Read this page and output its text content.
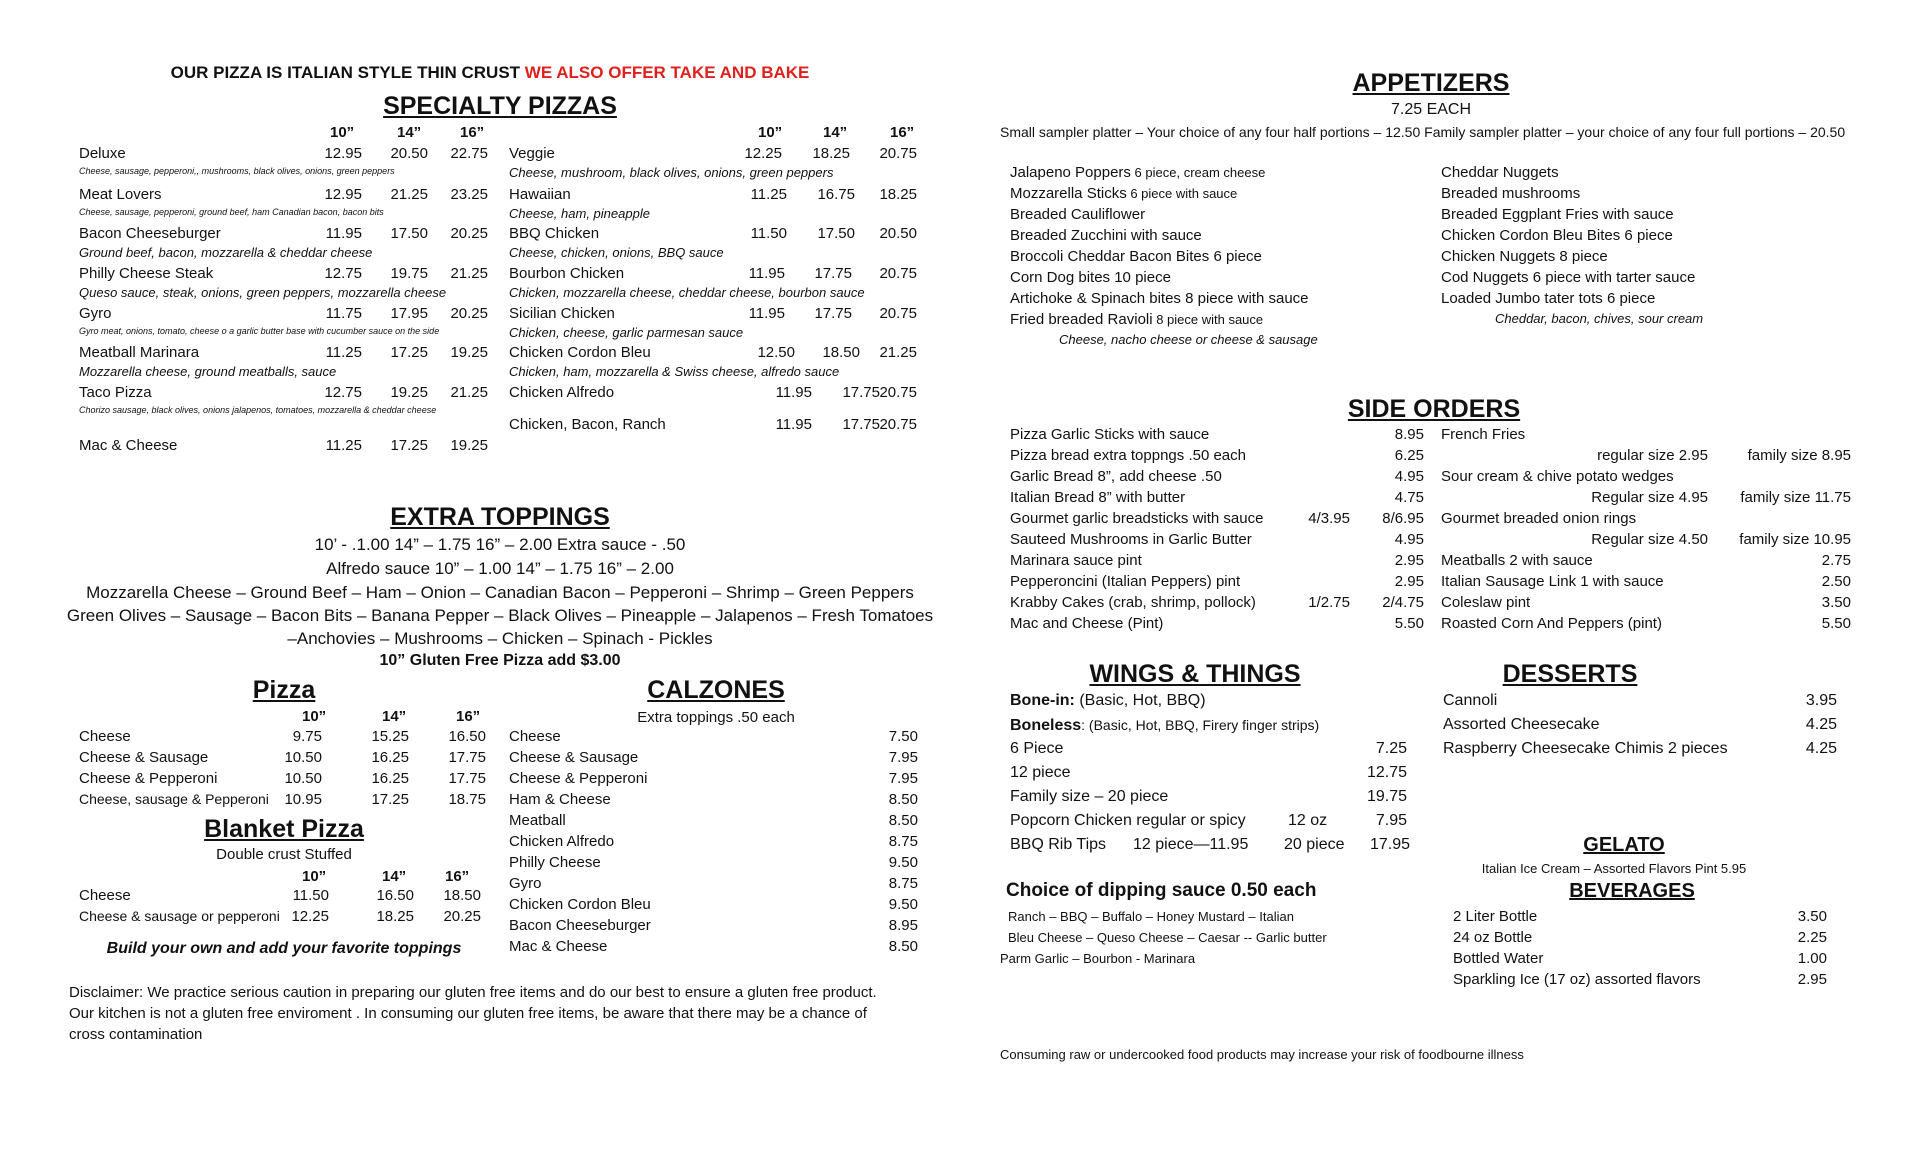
OUR PIZZA IS ITALIAN STYLE THIN CRUST WE ALSO OFFER TAKE AND BAKE
SPECIALTY PIZZAS
10”	14”	16”	10”	14”	16”
Deluxe	12.95	20.50	22.75
Cheese, sausage, pepperoni,, mushrooms, black olives, onions, green peppers
Meat Lovers	12.95	21.25	23.25
Cheese, sausage, pepperoni, ground beef, ham Canadian bacon, bacon bits
Bacon Cheeseburger	11.95	17.50	20.25
Ground beef, bacon, mozzarella & cheddar cheese
Philly Cheese Steak	12.75	19.75	21.25
Queso sauce, steak, onions, green peppers, mozzarella cheese
Gyro	11.75	17.95	20.25
Gyro meat, onions, tomato, cheese o a garlic butter base with cucumber sauce on the side
Meatball Marinara	11.25	17.25	19.25
Mozzarella cheese, ground meatballs, sauce
Taco Pizza	12.75	19.25	21.25
Chorizo sausage, black olives, onions jalapenos, tomatoes, mozzarella & cheddar cheese
Mac & Cheese	11.25	17.25	19.25
Veggie	12.25	18.25	20.75
Cheese, mushroom, black olives, onions, green peppers
Hawaiian	11.25	16.75	18.25
Cheese, ham, pineapple
BBQ Chicken	11.50	17.50	20.50
Cheese, chicken, onions, BBQ sauce
Bourbon Chicken	11.95	17.75	20.75
Chicken, mozzarella cheese, cheddar cheese, bourbon sauce
Sicilian Chicken	11.95	17.75	20.75
Chicken, cheese, garlic parmesan sauce
Chicken Cordon Bleu	12.50	18.50	21.25
Chicken, ham, mozzarella & Swiss cheese, alfredo sauce
Chicken Alfredo	11.95	17.75 20.75
Chicken, Bacon, Ranch	11.95	17.75 20.75
EXTRA TOPPINGS
10’ - .1.00 14” – 1.75 16” – 2.00 Extra sauce - .50
Alfredo sauce 10” – 1.00 14” – 1.75 16” – 2.00
Mozzarella Cheese – Ground Beef – Ham – Onion – Canadian Bacon – Pepperoni – Shrimp – Green Peppers
Green Olives – Sausage – Bacon Bits – Banana Pepper – Black Olives – Pineapple – Jalapenos – Fresh Tomatoes
–Anchovies – Mushrooms – Chicken – Spinach - Pickles
10” Gluten Free Pizza add $3.00
Pizza
10”	14”	16”
Cheese	9.75	15.25	16.50
Cheese & Sausage	10.50	16.25	17.75
Cheese & Pepperoni	10.50	16.25	17.75
Cheese, sausage & Pepperoni	10.95	17.25	18.75
Blanket Pizza
Double crust Stuffed
10”	14”	16”
Cheese	11.50	16.50	18.50
Cheese & sausage or pepperoni 12.25	18.25	20.25
Build your own and add your favorite toppings
CALZONES
Extra toppings .50 each
Cheese	7.50
Cheese & Sausage	7.95
Cheese & Pepperoni	7.95
Ham & Cheese	8.50
Meatball	8.50
Chicken Alfredo	8.75
Philly Cheese	9.50
Gyro	8.75
Chicken Cordon Bleu	9.50
Bacon Cheeseburger	8.95
Mac & Cheese	8.50
Disclaimer: We practice serious caution in preparing our gluten free items and do our best to ensure a gluten free product.
Our kitchen is not a gluten free enviroment . In consuming our gluten free items, be aware that there may be a chance of
cross contamination
APPETIZERS
7.25 EACH
Small sampler platter – Your choice of any four half portions – 12.50 Family sampler platter – your choice of any four full portions – 20.50
Jalapeno Poppers 6 piece, cream cheese
Mozzarella Sticks 6 piece with sauce
Breaded Cauliflower
Breaded Zucchini with sauce
Broccoli Cheddar Bacon Bites 6 piece
Corn Dog bites 10 piece
Artichoke & Spinach bites 8 piece with sauce
Fried breaded Ravioli 8 piece with sauce
Cheese, nacho cheese or cheese & sausage
Cheddar Nuggets
Breaded mushrooms
Breaded Eggplant Fries with sauce
Chicken Cordon Bleu Bites 6 piece
Chicken Nuggets 8 piece
Cod Nuggets 6 piece with tarter sauce
Loaded Jumbo tater tots 6 piece
Cheddar, bacon, chives, sour cream
SIDE ORDERS
Pizza Garlic Sticks with sauce	8.95
Pizza bread extra toppngs .50 each	6.25
Garlic Bread 8”, add cheese .50	4.95
Italian Bread 8” with butter	4.75
Gourmet garlic breadsticks with sauce	4/3.95	8/6.95
Sauteed Mushrooms in Garlic Butter	4.95
Marinara sauce pint	2.95
Pepperoncini (Italian Peppers) pint	2.95
Krabby Cakes (crab, shrimp, pollock)	1/2.75	2/4.75
Mac and Cheese (Pint)	5.50
French Fries
regular size 2.95	family size 8.95
Sour cream & chive potato wedges
Regular size 4.95	family size 11.75
Gourmet breaded onion rings
Regular size 4.50	family size 10.95
Meatballs 2 with sauce	2.75
Italian Sausage Link 1 with sauce	2.50
Coleslaw pint	3.50
Roasted Corn And Peppers (pint)	5.50
WINGS & THINGS
Bone-in: (Basic, Hot, BBQ)
Boneless: (Basic, Hot, BBQ, Firery finger strips)
6 Piece	7.25
12 piece	12.75
Family size – 20 piece	19.75
Popcorn Chicken regular or spicy	12 oz	7.95
BBQ Rib Tips 12 piece—11.95 20 piece	17.95
Choice of dipping sauce 0.50 each
Ranch – BBQ – Buffalo – Honey Mustard – Italian
Bleu Cheese – Queso Cheese – Caesar -- Garlic butter
Parm Garlic – Bourbon - Marinara
DESSERTS
Cannoli	3.95
Assorted Cheesecake	4.25
Raspberry Cheesecake Chimis 2 pieces	4.25
GELATO
Italian Ice Cream – Assorted Flavors Pint 5.95
BEVERAGES
2 Liter Bottle	3.50
24 oz Bottle	2.25
Bottled Water	1.00
Sparkling Ice (17 oz) assorted flavors	2.95
Consuming raw or undercooked food products may increase your risk of foodbourne illness
